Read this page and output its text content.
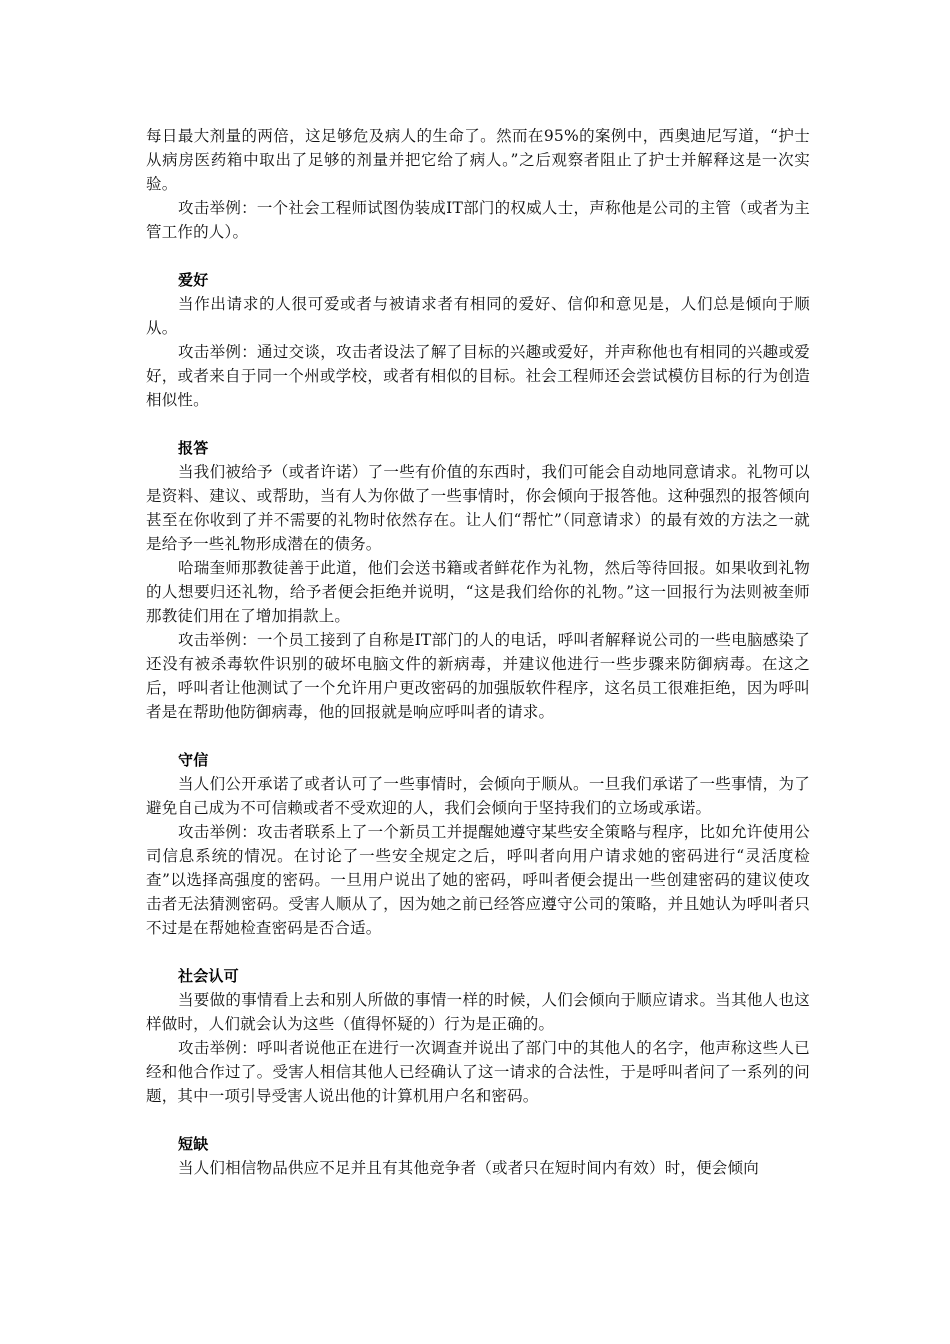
每日最大剂量的两倍，这足够危及病人的生命了。然而在95%的案例中，西奥迪尼写道，“护士从病房医药箱中取出了足够的剂量并把它给了病人。”之后观察者阻止了护士并解释这是一次实验。

攻击举例：一个社会工程师试图伪装成IT部门的权威人士，声称他是公司的主管（或者为主管工作的人）。

爱好

当作出请求的人很可爱或者与被请求者有相同的爱好、信仰和意见是，人们总是倾向于顺从。

攻击举例：通过交谈，攻击者设法了解了目标的兴趣或爱好，并声称他也有相同的兴趣或爱好，或者来自于同一个州或学校，或者有相似的目标。社会工程师还会尝试模仿目标的行为创造相似性。

报答

当我们被给予（或者许诺）了一些有价值的东西时，我们可能会自动地同意请求。礼物可以是资料、建议、或帮助，当有人为你做了一些事情时，你会倾向于报答他。这种强烈的报答倾向甚至在你收到了并不需要的礼物时依然存在。让人们“帮忙”（同意请求）的最有效的方法之一就是给予一些礼物形成潜在的债务。

哈瑞奎师那教徒善于此道，他们会送书籍或者鲜花作为礼物，然后等待回报。如果收到礼物的人想要归还礼物，给予者便会拒绝并说明，“这是我们给你的礼物。”这一回报行为法则被奎师那教徒们用在了增加捐款上。

攻击举例：一个员工接到了自称是IT部门的人的电话，呼叫者解释说公司的一些电脑感染了还没有被杀毒软件识别的破坏电脑文件的新病毒，并建议他进行一些步骤来防御病毒。在这之后，呼叫者让他测试了一个允许用户更改密码的加强版软件程序，这名员工很难拒绝，因为呼叫者是在帮助他防御病毒，他的回报就是响应呼叫者的请求。

守信

当人们公开承诺了或者认可了一些事情时，会倾向于顺从。一旦我们承诺了一些事情，为了避免自己成为不可信赖或者不受欢迎的人，我们会倾向于坚持我们的立场或承诺。

攻击举例：攻击者联系上了一个新员工并提醒她遵守某些安全策略与程序，比如允许使用公司信息系统的情况。在讨论了一些安全规定之后，呼叫者向用户请求她的密码进行“灵活度检查”以选择高强度的密码。一旦用户说出了她的密码，呼叫者便会提出一些创建密码的建议使攻击者无法猜测密码。受害人顺从了，因为她之前已经答应遵守公司的策略，并且她认为呼叫者只不过是在帮她检查密码是否合适。

社会认可

当要做的事情看上去和别人所做的事情一样的时候，人们会倾向于顺应请求。当其他人也这样做时，人们就会认为这些（值得怀疑的）行为是正确的。

攻击举例：呼叫者说他正在进行一次调查并说出了部门中的其他人的名字，他声称这些人已经和他合作过了。受害人相信其他人已经确认了这一请求的合法性，于是呼叫者问了一系列的问题，其中一项引导受害人说出他的计算机用户名和密码。

短缺

当人们相信物品供应不足并且有其他竞争者（或者只在短时间内有效）时，便会倾向
